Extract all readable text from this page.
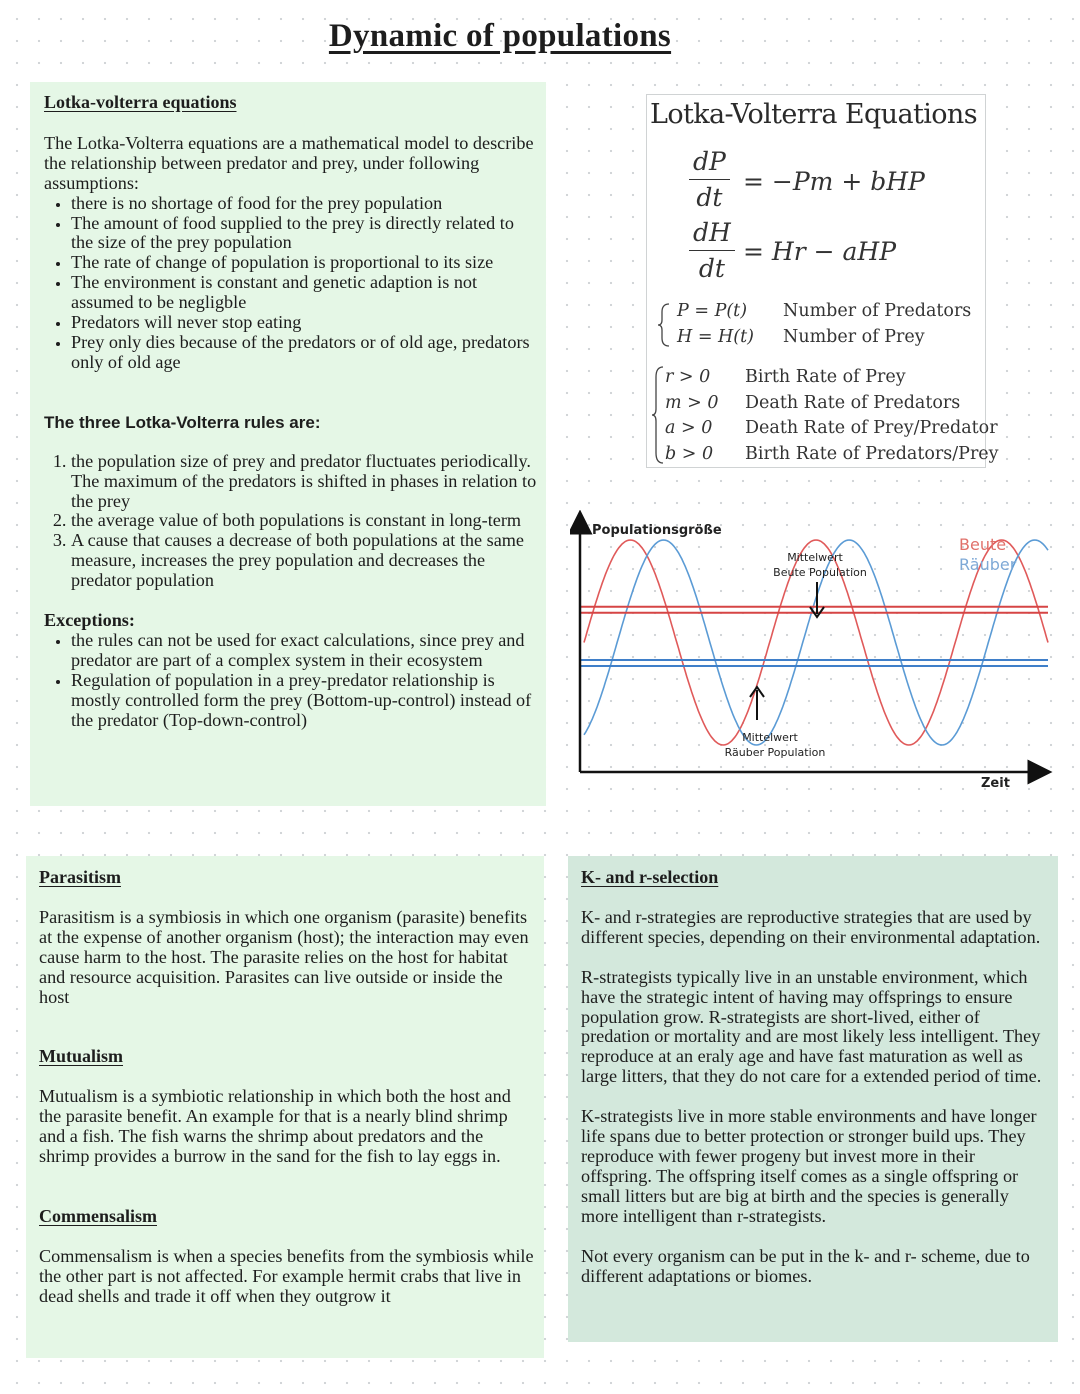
Dynamic of populations
Lotka-volterra equations

The Lotka-Volterra equations are a mathematical model to describe the relationship between predator and prey, under following assumptions:

• there is no shortage of food for the prey population
• The amount of food supplied to the prey is directly related to the size of the prey population
• The rate of change of population is proportional to its size
• The environment is constant and genetic adaption is not assumed to be negligble
• Predators will never stop eating
• Prey only dies because of the predators or of old age, predators only of old age

The three Lotka-Volterra rules are:

1. the population size of prey and predator fluctuates periodically. The maximum of the predators is shifted in phases in relation to the prey
2. the average value of both populations is constant in long-term
3. A cause that causes a decrease of both populations at the same measure, increases the prey population and decreases the predator population

Exceptions:

• the rules can not be used for exact calculations, since prey and predator are part of a complex system in their ecosystem
• Regulation of population in a prey-predator relationship is mostly controlled form the prey (Bottom-up-control) instead of the predator (Top-down-control)
Lotka-Volterra Equations
dP
dt
= −Pm + bHP
dH
dt
= Hr − aHP
P = P(t) Number of Predators
H = H(t) Number of Prey
r > 0 Birth Rate of Prey
m > 0 Death Rate of Predators
a > 0 Death Rate of Prey/Predator
b > 0 Birth Rate of Predators/Prey
Populationsgröße
Zeit
Beute
Räuber
Mittelwert
Beute Population
Mittelwert
Räuber Population
Parasitism

Parasitism is a symbiosis in which one organism (parasite) benefits at the expense of another organism (host); the interaction may even cause harm to the host. The parasite relies on the host for habitat and resource acquisition. Parasites can live outside or inside the host

Mutualism

Mutualism is a symbiotic relationship in which both the host and the parasite benefit. An example for that is a nearly blind shrimp and a fish. The fish warns the shrimp about predators and the shrimp provides a burrow in the sand for the fish to lay eggs in.

Commensalism

Commensalism is when a species benefits from the symbiosis while the other part is not affected. For example hermit crabs that live in dead shells and trade it off when they outgrow it

K- and r-selection

K- and r-strategies are reproductive strategies that are used by different species, depending on their environmental adaptation.

R-strategists typically live in an unstable environment, which have the strategic intent of having may offsprings to ensure population grow. R-strategists are short-lived, either of predation or mortality and are most likely less intelligent. They reproduce at an eraly age and have fast maturation as well as large litters, that they do not care for a extended period of time.

K-strategists live in more stable environments and have longer life spans due to better protection or stronger build ups. They reproduce with fewer progeny but invest more in their offspring. The offspring itself comes as a single offspring or small litters but are big at birth and the species is generally more intelligent than r-strategists.

Not every organism can be put in the k- and r- scheme, due to different adaptations or biomes.
